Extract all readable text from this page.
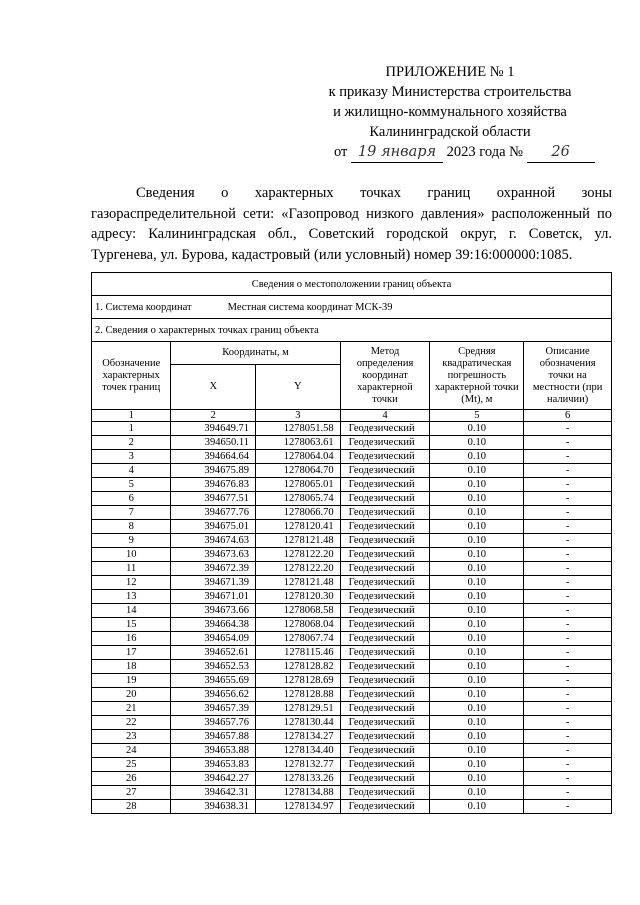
ПРИЛОЖЕНИЕ № 1
к приказу Министерства строительства
и жилищно-коммунального хозяйства
Калининградской области
от 19 января 2023 года № 26

Сведения о характерных точках границ охранной зоны газораспределительной сети: «Газопровод низкого давления» расположенный по адресу: Калининградская обл., Советский городской округ, г. Советск, ул. Тургенева, ул. Бурова, кадастровый (или условный) номер 39:16:000000:1085.

Сведения о местоположении границ объекта					
1. Система координат Местная система координат МСК-39					
2. Сведения о характерных точках границ объекта					
Обозначение характерных точек границ	Координаты, м		Метод определения координат характерной точки	Средняя квадратическая погрешность характерной точки (Mt), м	Описание обозначения точки на местности (при наличии)
	X	Y			
1	2	3	4	5	6
1	394649.71	1278051.58	Геодезический	0.10	-
2	394650.11	1278063.61	Геодезический	0.10	-
3	394664.64	1278064.04	Геодезический	0.10	-
4	394675.89	1278064.70	Геодезический	0.10	-
5	394676.83	1278065.01	Геодезический	0.10	-
6	394677.51	1278065.74	Геодезический	0.10	-
7	394677.76	1278066.70	Геодезический	0.10	-
8	394675.01	1278120.41	Геодезический	0.10	-
9	394674.63	1278121.48	Геодезический	0.10	-
10	394673.63	1278122.20	Геодезический	0.10	-
11	394672.39	1278122.20	Геодезический	0.10	-
12	394671.39	1278121.48	Геодезический	0.10	-
13	394671.01	1278120.30	Геодезический	0.10	-
14	394673.66	1278068.58	Геодезический	0.10	-
15	394664.38	1278068.04	Геодезический	0.10	-
16	394654.09	1278067.74	Геодезический	0.10	-
17	394652.61	1278115.46	Геодезический	0.10	-
18	394652.53	1278128.82	Геодезический	0.10	-
19	394655.69	1278128.69	Геодезический	0.10	-
20	394656.62	1278128.88	Геодезический	0.10	-
21	394657.39	1278129.51	Геодезический	0.10	-
22	394657.76	1278130.44	Геодезический	0.10	-
23	394657.88	1278134.27	Геодезический	0.10	-
24	394653.88	1278134.40	Геодезический	0.10	-
25	394653.83	1278132.77	Геодезический	0.10	-
26	394642.27	1278133.26	Геодезический	0.10	-
27	394642.31	1278134.88	Геодезический	0.10	-
28	394638.31	1278134.97	Геодезический	0.10	-
